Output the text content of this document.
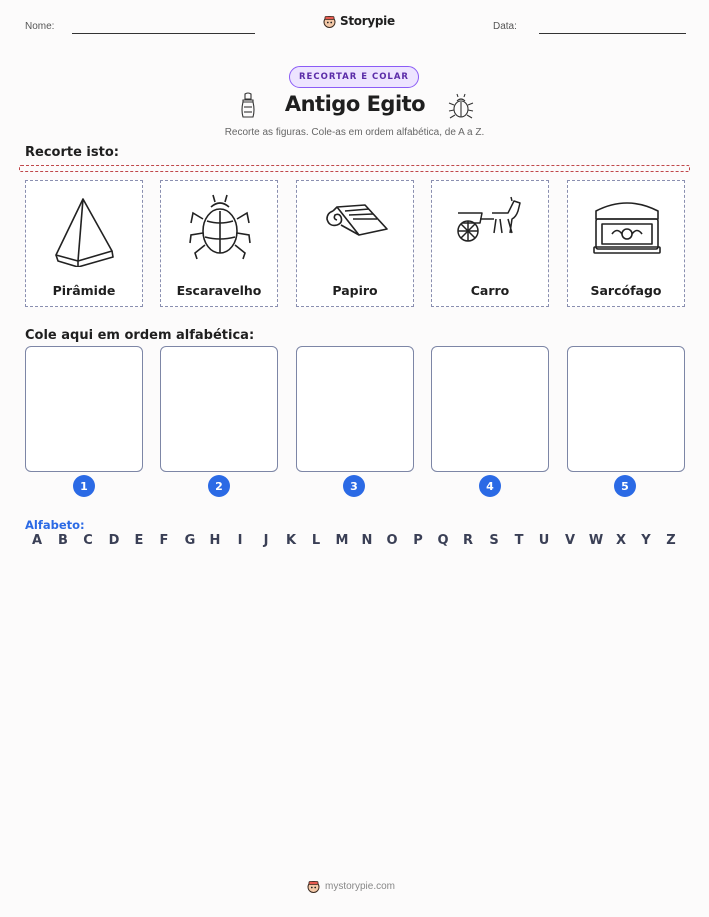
Nome:	Storypie	Data:
RECORTAR E COLAR
Antigo Egito
Recorte as figuras. Cole-as em ordem alfabética, de A a Z.
Recorte isto:
Pirâmide	Escaravelho	Papiro	Carro	Sarcófago
Cole aqui em ordem alfabética:
1	2	3	4	5
Alfabeto:
A	B	C	D	E	F	G	H	I	J	K	L	M	N	O	P	Q	R	S	T	U	V	W X	Y	Z
mystorypie.com
